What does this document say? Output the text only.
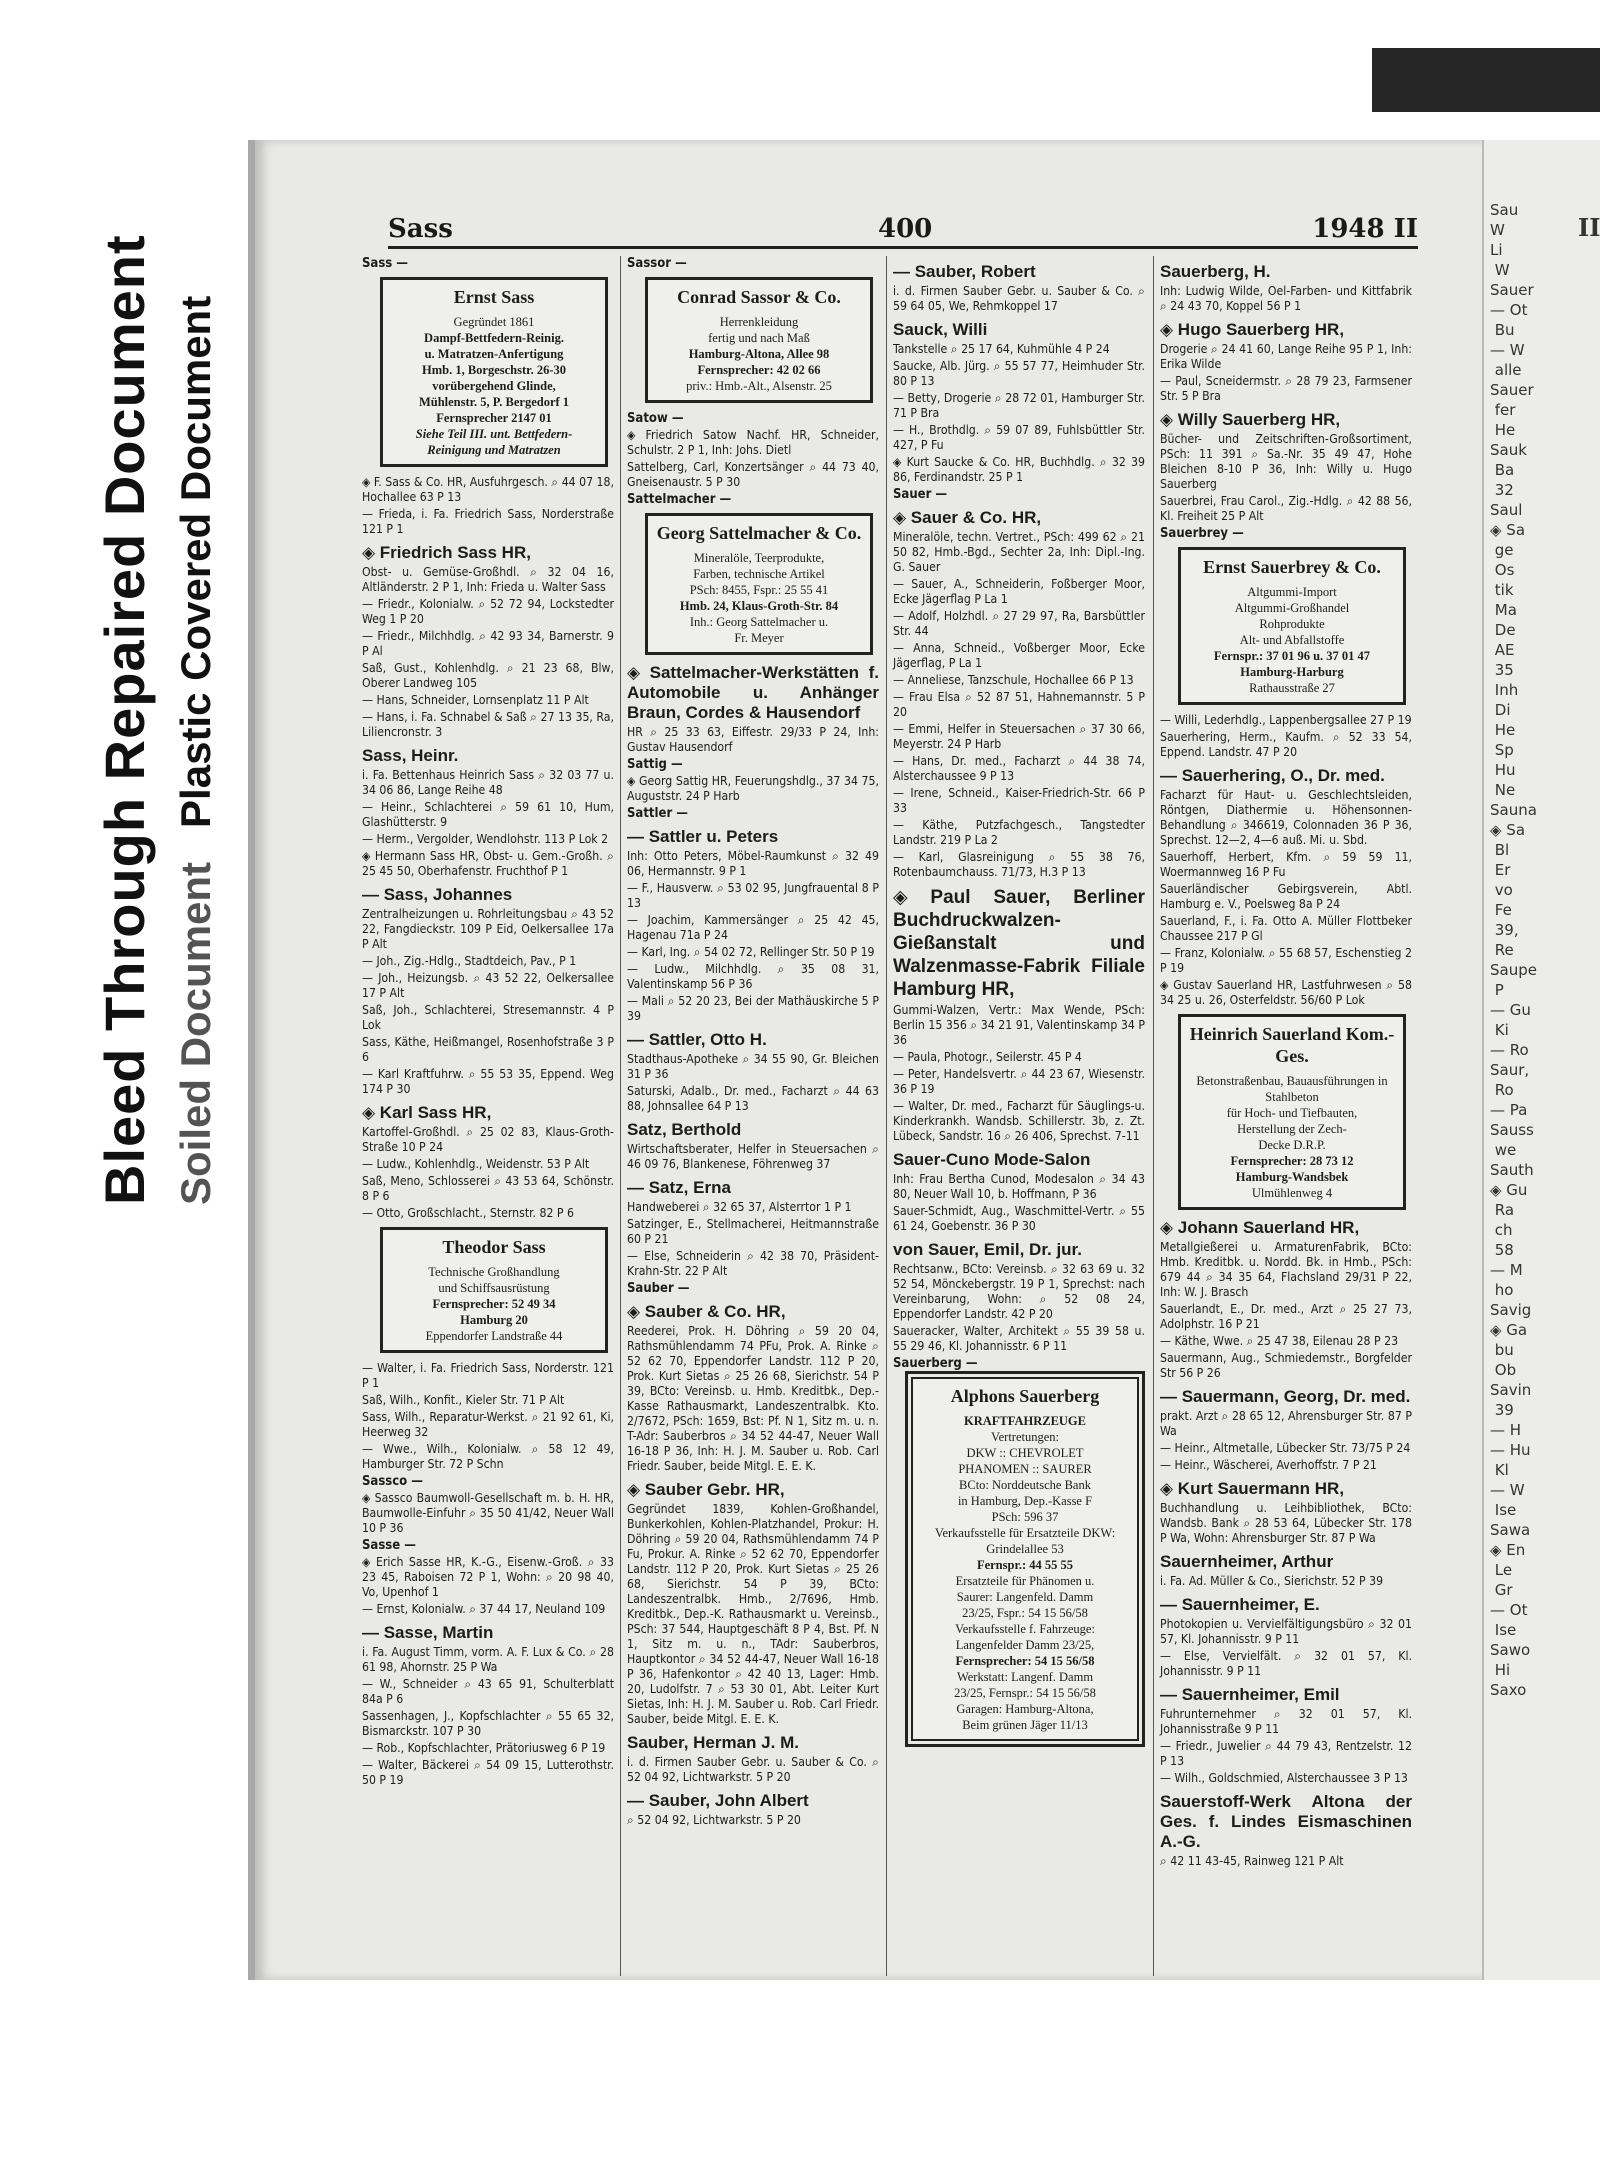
Bleed Through Repaired Document Soiled DocumentPlastic Covered Document
Sau
W
Li
W
Sauer
— Ot
Bu
— W
alle
Sauer
fer
He
Sauk
Ba
32
Saul
◈ Sa
ge
Os
tik
Ma
De
AE
35
Inh
Di
He
Sp
Hu
Ne
Sauna
◈ Sa
Bl
Er
vo
Fe
39,
Re
Saupe
P
— Gu
Ki
— Ro
Saur,
Ro
— Pa
Sauss
we
Sauth
◈ Gu
Ra
ch
58
— M
ho
Savig
◈ Ga
bu
Ob
Savin
39
— H
— Hu
Kl
— W
Ise
Sawa
◈ En
Le
Gr
— Ot
Ise
Sawo
Hi
Saxo
Sass	400	1948 II	II
Sass —
Ernst Sass
Gegründet 1861
Dampf-Bettfedern-Reinig.
u. Matratzen-Anfertigung
Hmb. 1, Borgeschstr. 26-30
vorübergehend Glinde,
Mühlenstr. 5, P. Bergedorf 1
Fernsprecher 2147 01
Siehe Teil III. unt. Bettfedern-
Reinigung und Matratzen
◈ F. Sass & Co. HR, Ausfuhrgesch. ⌕ 44 07 18, Hochallee 63 P 13
— Frieda, i. Fa. Friedrich Sass, Norderstraße 121 P 1
◈ Friedrich Sass HR,
Obst- u. Gemüse-Großhdl. ⌕ 32 04 16, Altländerstr. 2 P 1, Inh: Frieda u. Walter Sass
— Friedr., Kolonialw. ⌕ 52 72 94, Lockstedter Weg 1 P 20
— Friedr., Milchhdlg. ⌕ 42 93 34, Barnerstr. 9 P Al
Saß, Gust., Kohlenhdlg. ⌕ 21 23 68, Blw, Oberer Landweg 105
— Hans, Schneider, Lornsenplatz 11 P Alt
— Hans, i. Fa. Schnabel & Saß ⌕ 27 13 35, Ra, Liliencronstr. 3
Sass, Heinr.
i. Fa. Bettenhaus Heinrich Sass ⌕ 32 03 77 u. 34 06 86, Lange Reihe 48
— Heinr., Schlachterei ⌕ 59 61 10, Hum, Glashütterstr. 9
— Herm., Vergolder, Wendlohstr. 113 P Lok 2
◈ Hermann Sass HR, Obst- u. Gem.-Großh. ⌕ 25 45 50, Oberhafenstr. Fruchthof P 1
— Sass, Johannes
Zentralheizungen u. Rohrleitungsbau ⌕ 43 52 22, Fangdieckstr. 109 P Eid, Oelkersallee 17a P Alt
— Joh., Zig.-Hdlg., Stadtdeich, Pav., P 1
— Joh., Heizungsb. ⌕ 43 52 22, Oelkersallee 17 P Alt
Saß, Joh., Schlachterei, Stresemannstr. 4 P Lok
Sass, Käthe, Heißmangel, Rosenhofstraße 3 P 6
— Karl Kraftfuhrw. ⌕ 55 53 35, Eppend. Weg 174 P 30
◈ Karl Sass HR,
Kartoffel-Großhdl. ⌕ 25 02 83, Klaus-Groth-Straße 10 P 24
— Ludw., Kohlenhdlg., Weidenstr. 53 P Alt
Saß, Meno, Schlosserei ⌕ 43 53 64, Schönstr. 8 P 6
— Otto, Großschlacht., Sternstr. 82 P 6
Theodor Sass
Technische Großhandlung
und Schiffsausrüstung
Fernsprecher: 52 49 34
Hamburg 20
Eppendorfer Landstraße 44
— Walter, i. Fa. Friedrich Sass, Norderstr. 121 P 1
Saß, Wilh., Konfit., Kieler Str. 71 P Alt
Sass, Wilh., Reparatur-Werkst. ⌕ 21 92 61, Ki, Heerweg 32
— Wwe., Wilh., Kolonialw. ⌕ 58 12 49, Hamburger Str. 72 P Schn
Sassco —
◈ Sassco Baumwoll-Gesellschaft m. b. H. HR, Baumwolle-Einfuhr ⌕ 35 50 41/42, Neuer Wall 10 P 36
Sasse —
◈ Erich Sasse HR, K.-G., Eisenw.-Groß. ⌕ 33 23 45, Raboisen 72 P 1, Wohn: ⌕ 20 98 40, Vo, Upenhof 1
— Ernst, Kolonialw. ⌕ 37 44 17, Neuland 109
— Sasse, Martin
i. Fa. August Timm, vorm. A. F. Lux & Co. ⌕ 28 61 98, Ahornstr. 25 P Wa
— W., Schneider ⌕ 43 65 91, Schulterblatt 84a P 6
Sassenhagen, J., Kopfschlachter ⌕ 55 65 32, Bismarckstr. 107 P 30
— Rob., Kopfschlachter, Prätoriusweg 6 P 19
— Walter, Bäckerei ⌕ 54 09 15, Lutterothstr. 50 P 19
Sassor —
Conrad Sassor & Co.
Herrenkleidung
fertig und nach Maß
Hamburg-Altona, Allee 98
Fernsprecher: 42 02 66
priv.: Hmb.-Alt., Alsenstr. 25
Satow —
◈ Friedrich Satow Nachf. HR, Schneider, Schulstr. 2 P 1, Inh: Johs. Dietl
Sattelberg, Carl, Konzertsänger ⌕ 44 73 40, Gneisenaustr. 5 P 30
Sattelmacher —
Georg Sattelmacher & Co.
Mineralöle, Teerprodukte,
Farben, technische Artikel
PSch: 8455, Fspr.: 25 55 41
Hmb. 24, Klaus-Groth-Str. 84
Inh.: Georg Sattelmacher u.
Fr. Meyer
◈ Sattelmacher-Werkstätten f. Automobile u. Anhänger Braun, Cordes & Hausendorf
HR ⌕ 25 33 63, Eiffestr. 29/33 P 24, Inh: Gustav Hausendorf
Sattig —
◈ Georg Sattig HR, Feuerungshdlg., 37 34 75, Auguststr. 24 P Harb
Sattler —
— Sattler u. Peters
Inh: Otto Peters, Möbel-Raumkunst ⌕ 32 49 06, Hermannstr. 9 P 1
— F., Hausverw. ⌕ 53 02 95, Jungfrauental 8 P 13
— Joachim, Kammersänger ⌕ 25 42 45, Hagenau 71a P 24
— Karl, Ing. ⌕ 54 02 72, Rellinger Str. 50 P 19
— Ludw., Milchhdlg. ⌕ 35 08 31, Valentinskamp 56 P 36
— Mali ⌕ 52 20 23, Bei der Mathäuskirche 5 P 39
— Sattler, Otto H.
Stadthaus-Apotheke ⌕ 34 55 90, Gr. Bleichen 31 P 36
Saturski, Adalb., Dr. med., Facharzt ⌕ 44 63 88, Johnsallee 64 P 13
Satz, Berthold
Wirtschaftsberater, Helfer in Steuersachen ⌕ 46 09 76, Blankenese, Föhrenweg 37
— Satz, Erna
Handweberei ⌕ 32 65 37, Alsterrtor 1 P 1
Satzinger, E., Stellmacherei, Heitmannstraße 60 P 21
— Else, Schneiderin ⌕ 42 38 70, Präsident-Krahn-Str. 22 P Alt
Sauber —
◈ Sauber & Co. HR,
Reederei, Prok. H. Döhring ⌕ 59 20 04, Rathsmühlendamm 74 PFu, Prok. A. Rinke ⌕ 52 62 70, Eppendorfer Landstr. 112 P 20, Prok. Kurt Sietas ⌕ 25 26 68, Sierichstr. 54 P 39, BCto: Vereinsb. u. Hmb. Kreditbk., Dep.-Kasse Rathausmarkt, Landeszentralbk. Kto. 2/7672, PSch: 1659, Bst: Pf. N 1, Sitz m. u. n. T-Adr: Sauberbros ⌕ 34 52 44-47, Neuer Wall 16-18 P 36, Inh: H. J. M. Sauber u. Rob. Carl Friedr. Sauber, beide Mitgl. E. E. K.
◈ Sauber Gebr. HR,
Gegründet 1839, Kohlen-Großhandel, Bunkerkohlen, Kohlen-Platzhandel, Prokur: H. Döhring ⌕ 59 20 04, Rathsmühlendamm 74 P Fu, Prokur. A. Rinke ⌕ 52 62 70, Eppendorfer Landstr. 112 P 20, Prok. Kurt Sietas ⌕ 25 26 68, Sierichstr. 54 P 39, BCto: Landeszentralbk. Hmb., 2/7696, Hmb. Kreditbk., Dep.-K. Rathausmarkt u. Vereinsb., PSch: 37 544, Hauptgeschäft 8 P 4, Bst. Pf. N 1, Sitz m. u. n., TAdr: Sauberbros, Hauptkontor ⌕ 34 52 44-47, Neuer Wall 16-18 P 36, Hafenkontor ⌕ 42 40 13, Lager: Hmb. 20, Ludolfstr. 7 ⌕ 53 30 01, Abt. Leiter Kurt Sietas, Inh: H. J. M. Sauber u. Rob. Carl Friedr. Sauber, beide Mitgl. E. E. K.
Sauber, Herman J. M.
i. d. Firmen Sauber Gebr. u. Sauber & Co. ⌕ 52 04 92, Lichtwarkstr. 5 P 20
— Sauber, John Albert
⌕ 52 04 92, Lichtwarkstr. 5 P 20
— Sauber, Robert
i. d. Firmen Sauber Gebr. u. Sauber & Co. ⌕ 59 64 05, We, Rehmkoppel 17
Sauck, Willi
Tankstelle ⌕ 25 17 64, Kuhmühle 4 P 24
Saucke, Alb. Jürg. ⌕ 55 57 77, Heimhuder Str. 80 P 13
— Betty, Drogerie ⌕ 28 72 01, Hamburger Str. 71 P Bra
— H., Brothdlg. ⌕ 59 07 89, Fuhlsbüttler Str. 427, P Fu
◈ Kurt Saucke & Co. HR, Buchhdlg. ⌕ 32 39 86, Ferdinandstr. 25 P 1
Sauer —
◈ Sauer & Co. HR,
Mineralöle, techn. Vertret., PSch: 499 62 ⌕ 21 50 82, Hmb.-Bgd., Sechter 2a, Inh: Dipl.-Ing. G. Sauer
— Sauer, A., Schneiderin, Foßberger Moor, Ecke Jägerflag P La 1
— Adolf, Holzhdl. ⌕ 27 29 97, Ra, Barsbüttler Str. 44
— Anna, Schneid., Voßberger Moor, Ecke Jägerflag, P La 1
— Anneliese, Tanzschule, Hochallee 66 P 13
— Frau Elsa ⌕ 52 87 51, Hahnemannstr. 5 P 20
— Emmi, Helfer in Steuersachen ⌕ 37 30 66, Meyerstr. 24 P Harb
— Hans, Dr. med., Facharzt ⌕ 44 38 74, Alsterchaussee 9 P 13
— Irene, Schneid., Kaiser-Friedrich-Str. 66 P 33
— Käthe, Putzfachgesch., Tangstedter Landstr. 219 P La 2
— Karl, Glasreinigung ⌕ 55 38 76, Rotenbaumchauss. 71/73, H.3 P 13
◈ Paul Sauer, Berliner Buchdruckwalzen-Gießanstalt und Walzenmasse-Fabrik Filiale Hamburg HR,
Gummi-Walzen, Vertr.: Max Wende, PSch: Berlin 15 356 ⌕ 34 21 91, Valentinskamp 34 P 36
— Paula, Photogr., Seilerstr. 45 P 4
— Peter, Handelsvertr. ⌕ 44 23 67, Wiesenstr. 36 P 19
— Walter, Dr. med., Facharzt für Säuglings-u. Kinderkrankh. Wandsb. Schillerstr. 3b, z. Zt. Lübeck, Sandstr. 16 ⌕ 26 406, Sprechst. 7-11
Sauer-Cuno Mode-Salon
Inh: Frau Bertha Cunod, Modesalon ⌕ 34 43 80, Neuer Wall 10, b. Hoffmann, P 36
Sauer-Schmidt, Aug., Waschmittel-Vertr. ⌕ 55 61 24, Goebenstr. 36 P 30
von Sauer, Emil, Dr. jur.
Rechtsanw., BCto: Vereinsb. ⌕ 32 63 69 u. 32 52 54, Mönckebergstr. 19 P 1, Sprechst: nach Vereinbarung, Wohn: ⌕ 52 08 24, Eppendorfer Landstr. 42 P 20
Saueracker, Walter, Architekt ⌕ 55 39 58 u. 55 29 46, Kl. Johannisstr. 6 P 11
Sauerberg —
Alphons Sauerberg
KRAFTFAHRZEUGE
Vertretungen:
DKW :: CHEVROLET
PHANOMEN :: SAURER
BCto: Norddeutsche Bank
in Hamburg, Dep.-Kasse F
PSch: 596 37
Verkaufsstelle für Ersatzteile DKW: Grindelallee 53
Fernspr.: 44 55 55
Ersatzteile für Phänomen u.
Saurer: Langenfeld. Damm
23/25, Fspr.: 54 15 56/58
Verkaufsstelle f. Fahrzeuge:
Langenfelder Damm 23/25,
Fernsprecher: 54 15 56/58
Werkstatt: Langenf. Damm
23/25, Fernspr.: 54 15 56/58
Garagen: Hamburg-Altona,
Beim grünen Jäger 11/13
Sauerberg, H.
Inh: Ludwig Wilde, Oel-Farben- und Kittfabrik ⌕ 24 43 70, Koppel 56 P 1
◈ Hugo Sauerberg HR,
Drogerie ⌕ 24 41 60, Lange Reihe 95 P 1, Inh: Erika Wilde
— Paul, Scneidermstr. ⌕ 28 79 23, Farmsener Str. 5 P Bra
◈ Willy Sauerberg HR,
Bücher- und Zeitschriften-Großsortiment, PSch: 11 391 ⌕ Sa.-Nr. 35 49 47, Hohe Bleichen 8-10 P 36, Inh: Willy u. Hugo Sauerberg
Sauerbrei, Frau Carol., Zig.-Hdlg. ⌕ 42 88 56, Kl. Freiheit 25 P Alt
Sauerbrey —
Ernst Sauerbrey & Co.
Altgummi-Import
Altgummi-Großhandel
Rohprodukte
Alt- und Abfallstoffe
Fernspr.: 37 01 96 u. 37 01 47
Hamburg-Harburg
Rathausstraße 27
— Willi, Lederhdlg., Lappenbergsallee 27 P 19
Sauerhering, Herm., Kaufm. ⌕ 52 33 54, Eppend. Landstr. 47 P 20
— Sauerhering, O., Dr. med.
Facharzt für Haut- u. Geschlechtsleiden, Röntgen, Diathermie u. Höhensonnen-Behandlung ⌕ 346619, Colonnaden 36 P 36, Sprechst. 12—2, 4—6 auß. Mi. u. Sbd.
Sauerhoff, Herbert, Kfm. ⌕ 59 59 11, Woermannweg 16 P Fu
Sauerländischer Gebirgsverein, Abtl. Hamburg e. V., Poelsweg 8a P 24
Sauerland, F., i. Fa. Otto A. Müller Flottbeker Chaussee 217 P Gl
— Franz, Kolonialw. ⌕ 55 68 57, Eschenstieg 2 P 19
◈ Gustav Sauerland HR, Lastfuhrwesen ⌕ 58 34 25 u. 26, Osterfeldstr. 56/60 P Lok
Heinrich Sauerland Kom.-Ges.
Betonstraßenbau, Bauausführungen in Stahlbeton
für Hoch- und Tiefbauten,
Herstellung der Zech-
Decke D.R.P.
Fernsprecher: 28 73 12
Hamburg-Wandsbek
Ulmühlenweg 4
◈ Johann Sauerland HR,
Metallgießerei u. ArmaturenFabrik, BCto: Hmb. Kreditbk. u. Nordd. Bk. in Hmb., PSch: 679 44 ⌕ 34 35 64, Flachsland 29/31 P 22, Inh: W. J. Brasch
Sauerlandt, E., Dr. med., Arzt ⌕ 25 27 73, Adolphstr. 16 P 21
— Käthe, Wwe. ⌕ 25 47 38, Eilenau 28 P 23
Sauermann, Aug., Schmiedemstr., Borgfelder Str 56 P 26
— Sauermann, Georg, Dr. med.
prakt. Arzt ⌕ 28 65 12, Ahrensburger Str. 87 P Wa
— Heinr., Altmetalle, Lübecker Str. 73/75 P 24
— Heinr., Wäscherei, Averhoffstr. 7 P 21
◈ Kurt Sauermann HR,
Buchhandlung u. Leihbibliothek, BCto: Wandsb. Bank ⌕ 28 53 64, Lübecker Str. 178 P Wa, Wohn: Ahrensburger Str. 87 P Wa
Sauernheimer, Arthur
i. Fa. Ad. Müller & Co., Sierichstr. 52 P 39
— Sauernheimer, E.
Photokopien u. Vervielfältigungsbüro ⌕ 32 01 57, Kl. Johannisstr. 9 P 11
— Else, Vervielfält. ⌕ 32 01 57, Kl. Johannisstr. 9 P 11
— Sauernheimer, Emil
Fuhrunternehmer ⌕ 32 01 57, Kl. Johannisstraße 9 P 11
— Friedr., Juwelier ⌕ 44 79 43, Rentzelstr. 12 P 13
— Wilh., Goldschmied, Alsterchaussee 3 P 13
Sauerstoff-Werk Altona der Ges. f. Lindes Eismaschinen A.-G.
⌕ 42 11 43-45, Rainweg 121 P Alt
